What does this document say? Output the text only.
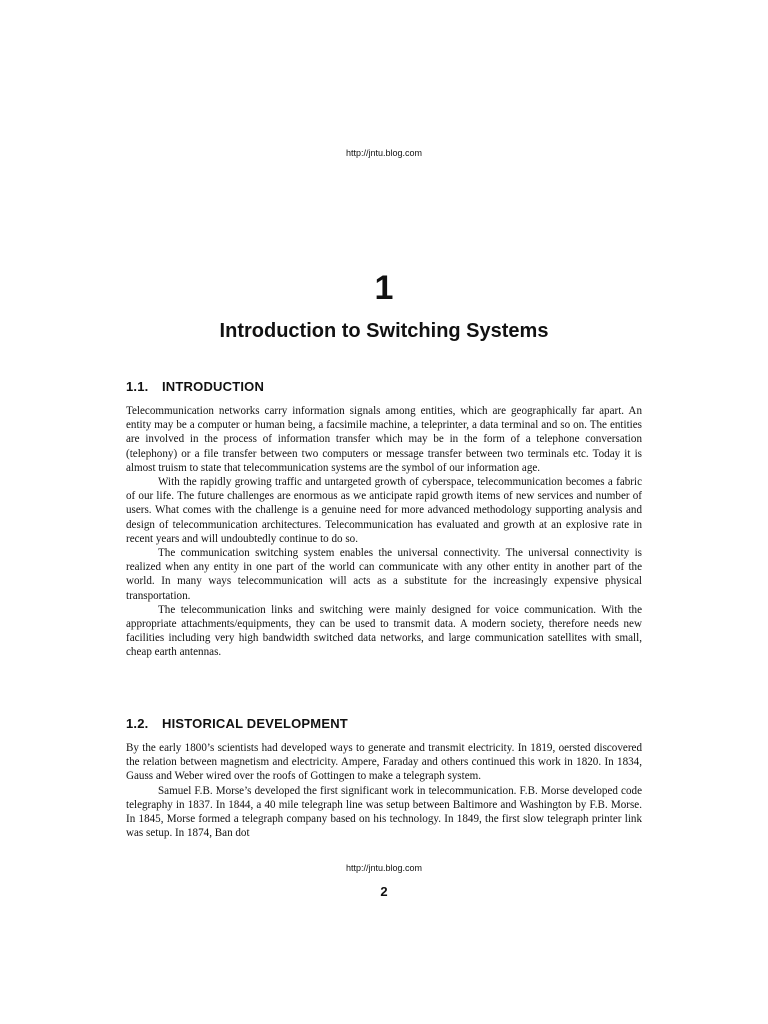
http://jntu.blog.com
1
Introduction to Switching Systems
1.1. INTRODUCTION

Telecommunication networks carry information signals among entities, which are geographically far apart. An entity may be a computer or human being, a facsimile machine, a teleprinter, a data terminal and so on. The entities are involved in the process of information transfer which may be in the form of a telephone conversation (telephony) or a file transfer between two computers or message transfer between two terminals etc. Today it is almost truism to state that telecommunication systems are the symbol of our information age.

With the rapidly growing traffic and untargeted growth of cyberspace, telecommunication becomes a fabric of our life. The future challenges are enormous as we anticipate rapid growth items of new services and number of users. What comes with the challenge is a genuine need for more advanced methodology supporting analysis and design of telecommunication architectures. Telecommunication has evaluated and growth at an explosive rate in recent years and will undoubtedly continue to do so.

The communication switching system enables the universal connectivity. The universal connectivity is realized when any entity in one part of the world can communicate with any other entity in another part of the world. In many ways telecommunication will acts as a substitute for the increasingly expensive physical transportation.

The telecommunication links and switching were mainly designed for voice communication. With the appropriate attachments/equipments, they can be used to transmit data. A modern society, therefore needs new facilities including very high bandwidth switched data networks, and large communication satellites with small, cheap earth antennas.

1.2. HISTORICAL DEVELOPMENT

By the early 1800’s scientists had developed ways to generate and transmit electricity. In 1819, oersted discovered the relation between magnetism and electricity. Ampere, Faraday and others continued this work in 1820. In 1834, Gauss and Weber wired over the roofs of Gottingen to make a telegraph system.

Samuel F.B. Morse’s developed the first significant work in telecommunication. F.B. Morse developed code telegraphy in 1837. In 1844, a 40 mile telegraph line was setup between Baltimore and Washington by F.B. Morse. In 1845, Morse formed a telegraph company based on his technology. In 1849, the first slow telegraph printer link was setup. In 1874, Ban dot

http://jntu.blog.com
2
